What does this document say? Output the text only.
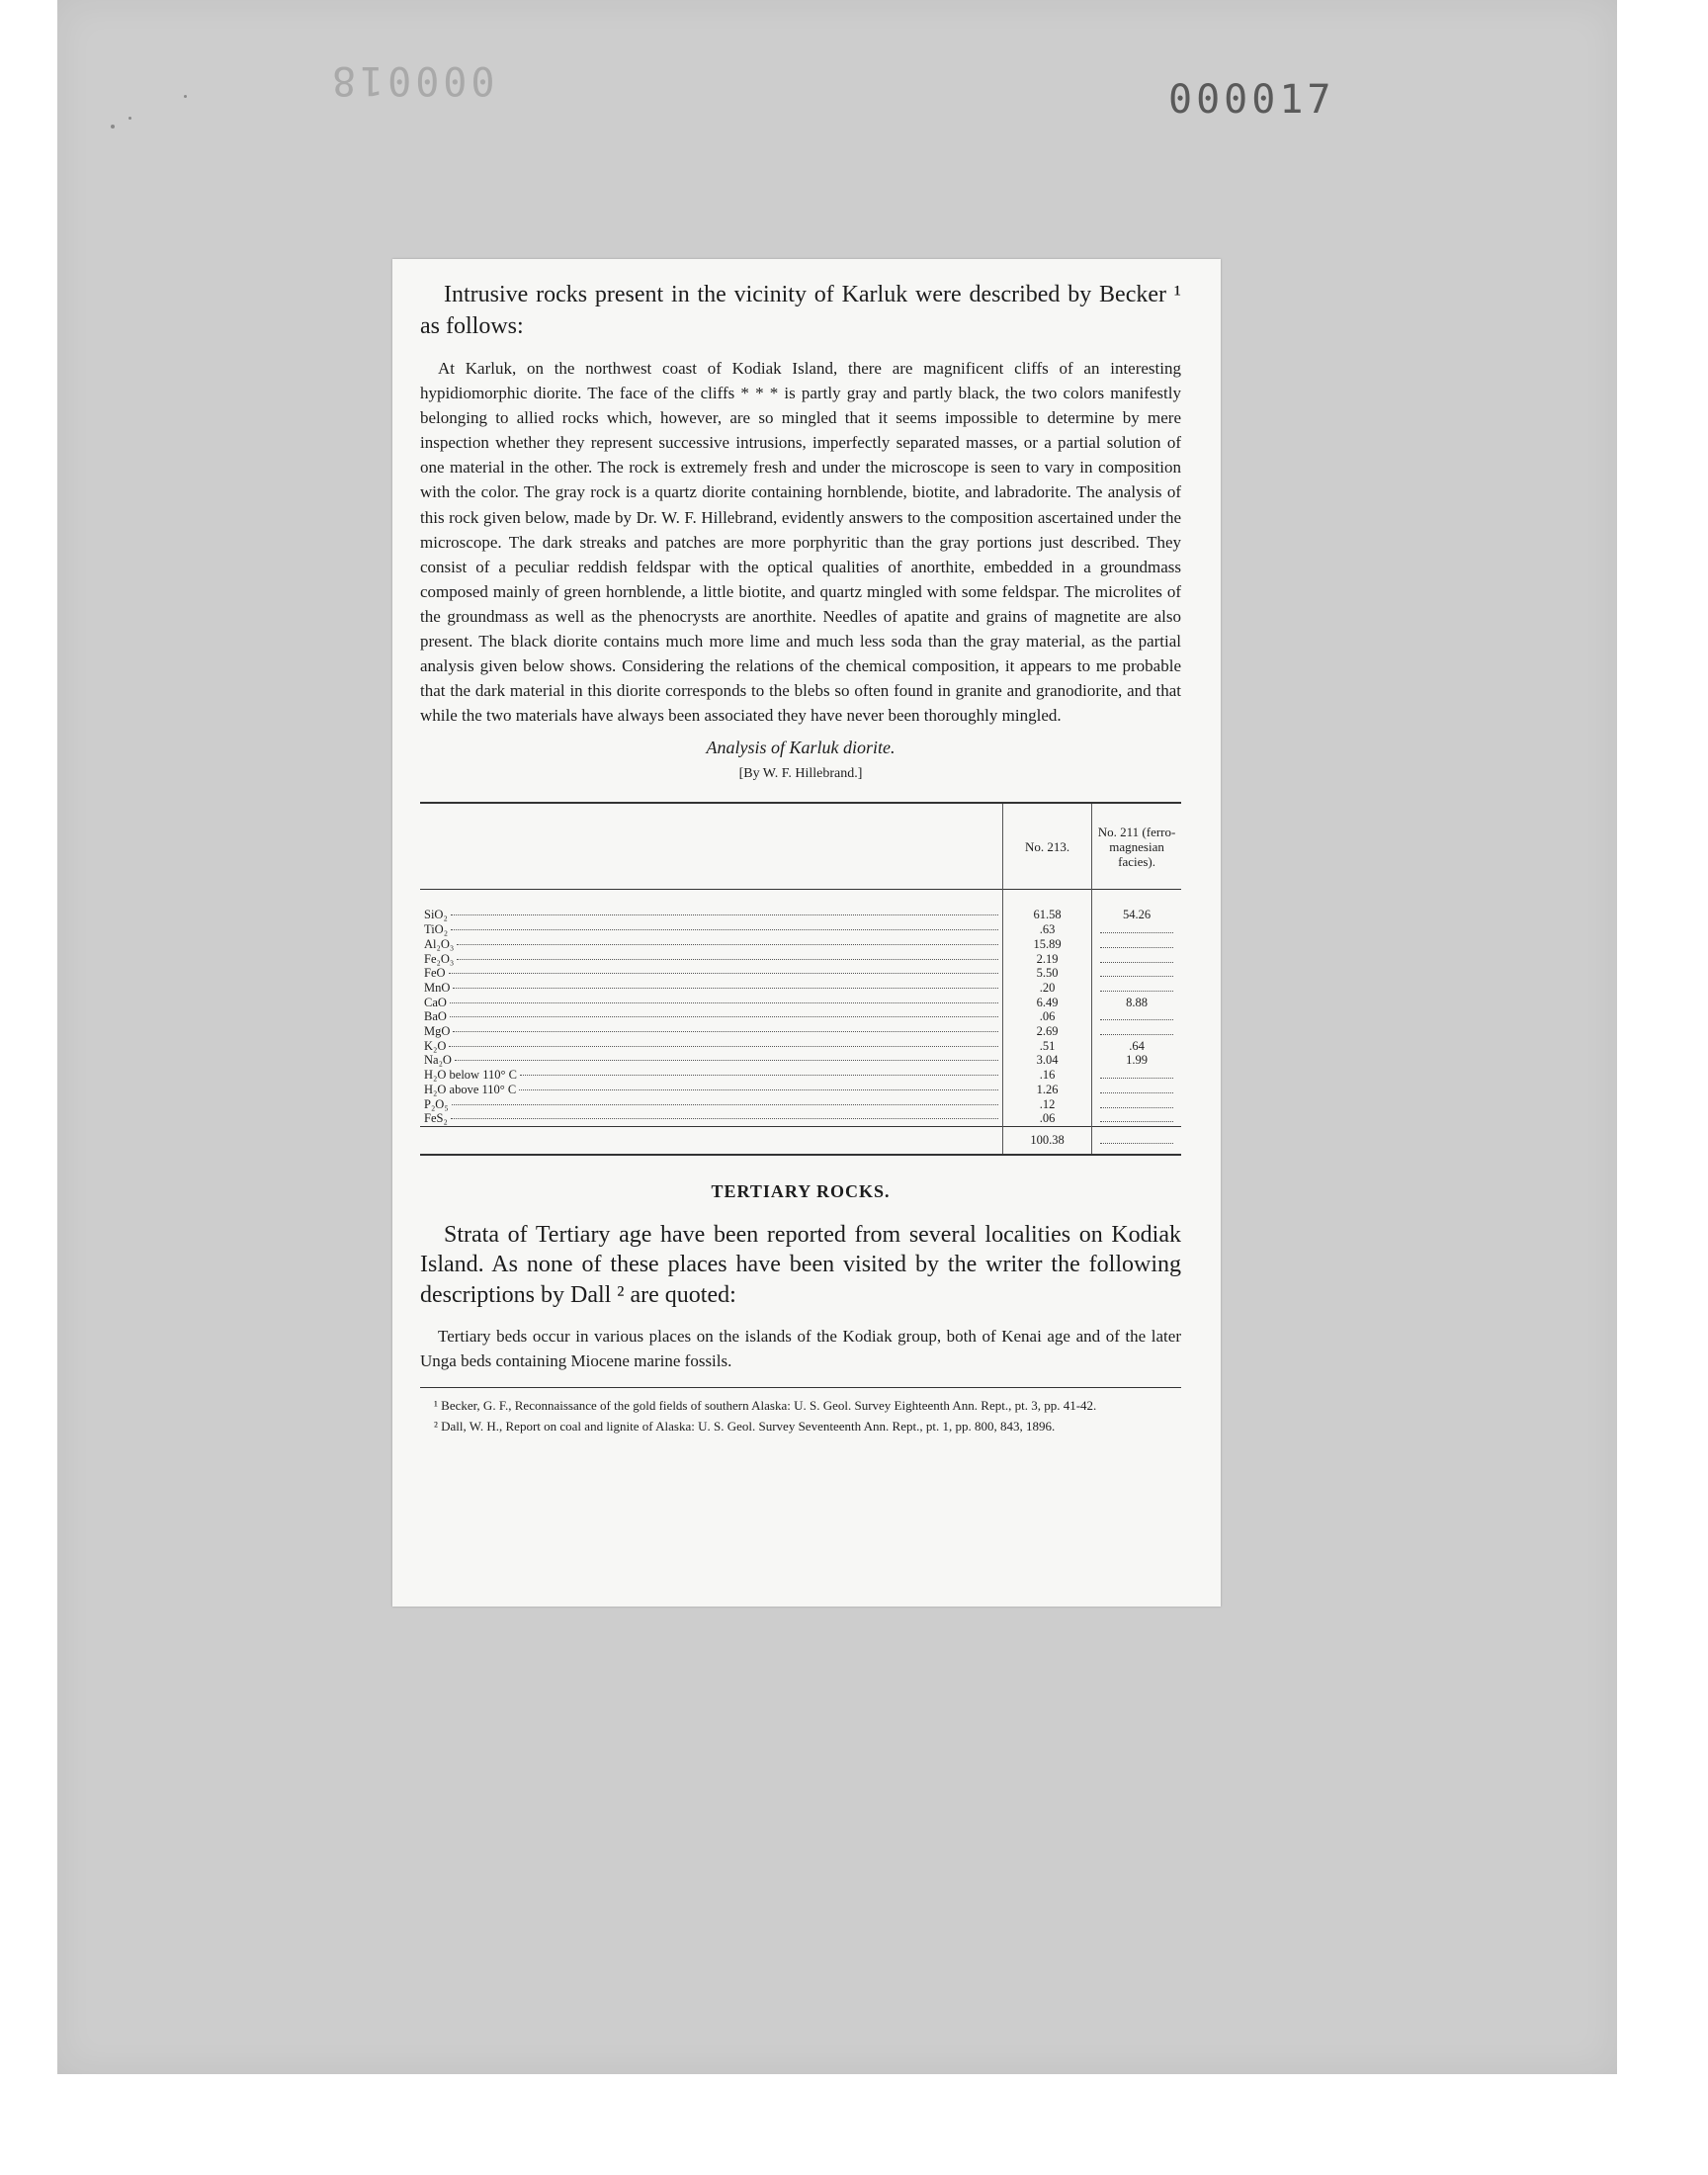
000018	000017

Intrusive rocks present in the vicinity of Karluk were described by Becker ¹ as follows:

At Karluk, on the northwest coast of Kodiak Island, there are magnificent cliffs of an interesting hypidiomorphic diorite. The face of the cliffs * * * is partly gray and partly black, the two colors manifestly belonging to allied rocks which, however, are so mingled that it seems impossible to determine by mere inspection whether they represent successive intrusions, imperfectly separated masses, or a partial solution of one material in the other. The rock is extremely fresh and under the microscope is seen to vary in composition with the color. The gray rock is a quartz diorite containing hornblende, biotite, and labradorite. The analysis of this rock given below, made by Dr. W. F. Hillebrand, evidently answers to the composition ascertained under the microscope. The dark streaks and patches are more porphyritic than the gray portions just described. They consist of a peculiar reddish feldspar with the optical qualities of anorthite, embedded in a groundmass composed mainly of green hornblende, a little biotite, and quartz mingled with some feldspar. The microlites of the groundmass as well as the phenocrysts are anorthite. Needles of apatite and grains of magnetite are also present. The black diorite contains much more lime and much less soda than the gray material, as the partial analysis given below shows. Considering the relations of the chemical composition, it appears to me probable that the dark material in this diorite corresponds to the blebs so often found in granite and granodiorite, and that while the two materials have always been associated they have never been thoroughly mingled.

Analysis of Karluk diorite.
[By W. F. Hillebrand.]
	No. 213.	No. 211 (ferro-magnesian facies).

SiO₂	61.58	54.26

TiO₂	.63	

Al₂O₃	15.89	

Fe₂O₃	2.19	

FeO	5.50	

MnO	.20	

CaO	6.49	8.88

BaO	.06	

MgO	2.69	

K₂O	.51	.64

Na₂O	3.04	1.99

H₂O below 110° C	.16	

H₂O above 110° C	1.26	

P₂O₅	.12	

FeS₂	.06	
	100.38	
TERTIARY ROCKS.

Strata of Tertiary age have been reported from several localities on Kodiak Island. As none of these places have been visited by the writer the following descriptions by Dall ² are quoted:

Tertiary beds occur in various places on the islands of the Kodiak group, both of Kenai age and of the later Unga beds containing Miocene marine fossils.

¹ Becker, G. F., Reconnaissance of the gold fields of southern Alaska: U. S. Geol. Survey Eighteenth Ann. Rept., pt. 3, pp. 41-42.

² Dall, W. H., Report on coal and lignite of Alaska: U. S. Geol. Survey Seventeenth Ann. Rept., pt. 1, pp. 800, 843, 1896.
